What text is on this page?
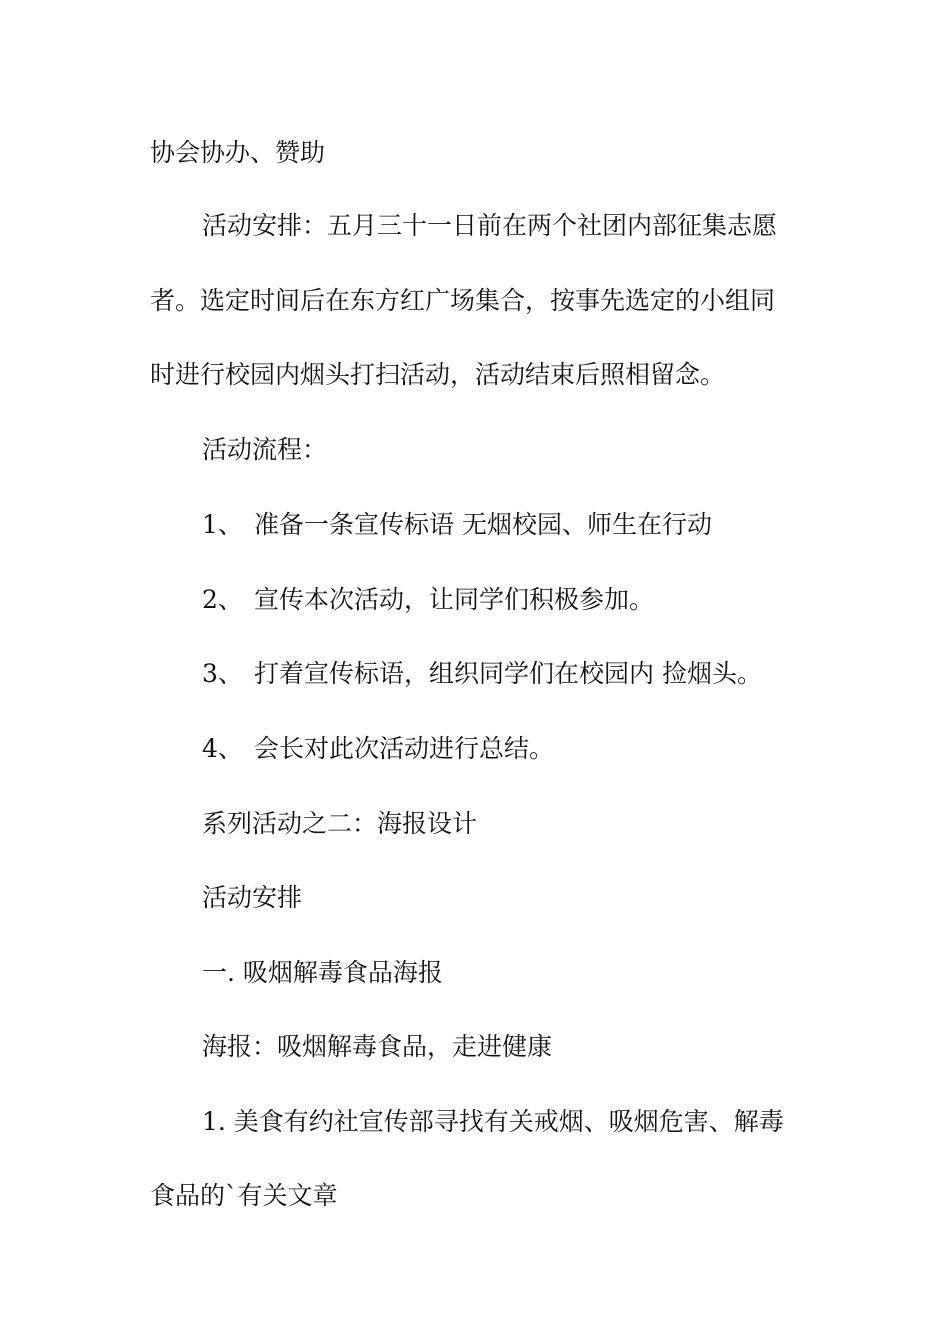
协会协办、赞助
活动安排：五月三十一日前在两个社团内部征集志愿
者。选定时间后在东方红广场集合，按事先选定的小组同
时进行校园内烟头打扫活动，活动结束后照相留念。
活动流程：
1、 准备一条宣传标语 无烟校园、师生在行动
2、 宣传本次活动，让同学们积极参加。
3、 打着宣传标语，组织同学们在校园内 捡烟头。
4、 会长对此次活动进行总结。
系列活动之二：海报设计
活动安排
一. 吸烟解毒食品海报
海报：吸烟解毒食品，走进健康
1. 美食有约社宣传部寻找有关戒烟、吸烟危害、解毒
食品的`有关文章
